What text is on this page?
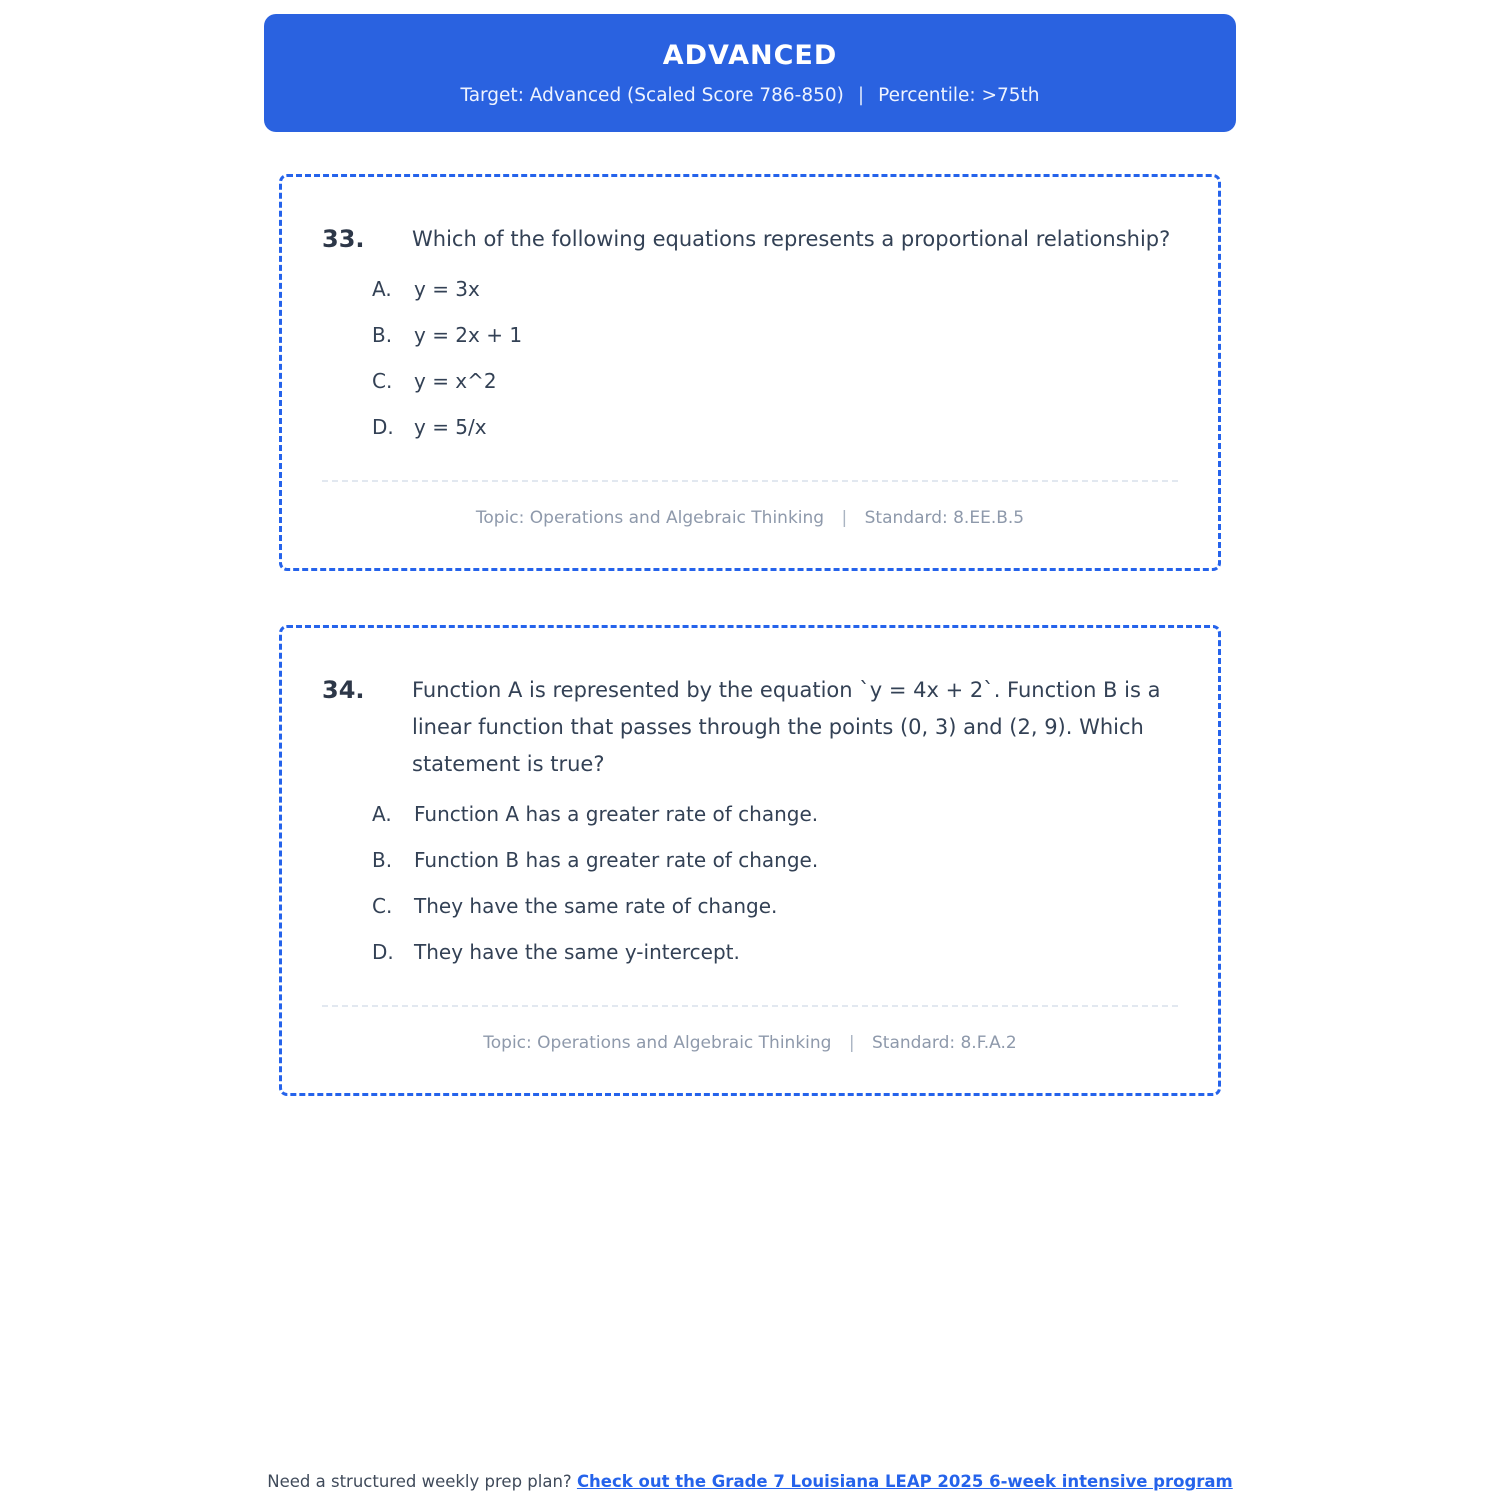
ADVANCED
Target: Advanced (Scaled Score 786-850) | Percentile: >75th
33.	Which of the following equations represents a proportional relationship?
A.	y = 3x
B.	y = 2x + 1
C.	y = x^2
D.	y = 5/x
Topic: Operations and Algebraic Thinking | Standard: 8.EE.B.5
34.	Function A is represented by the equation `y = 4x + 2`. Function B is a linear function that passes through the points (0, 3) and (2, 9). Which statement is true?
A.	Function A has a greater rate of change.
B.	Function B has a greater rate of change.
C.	They have the same rate of change.
D.	They have the same y-intercept.
Topic: Operations and Algebraic Thinking | Standard: 8.F.A.2
Need a structured weekly prep plan? Check out the Grade 7 Louisiana LEAP 2025 6-week intensive program
